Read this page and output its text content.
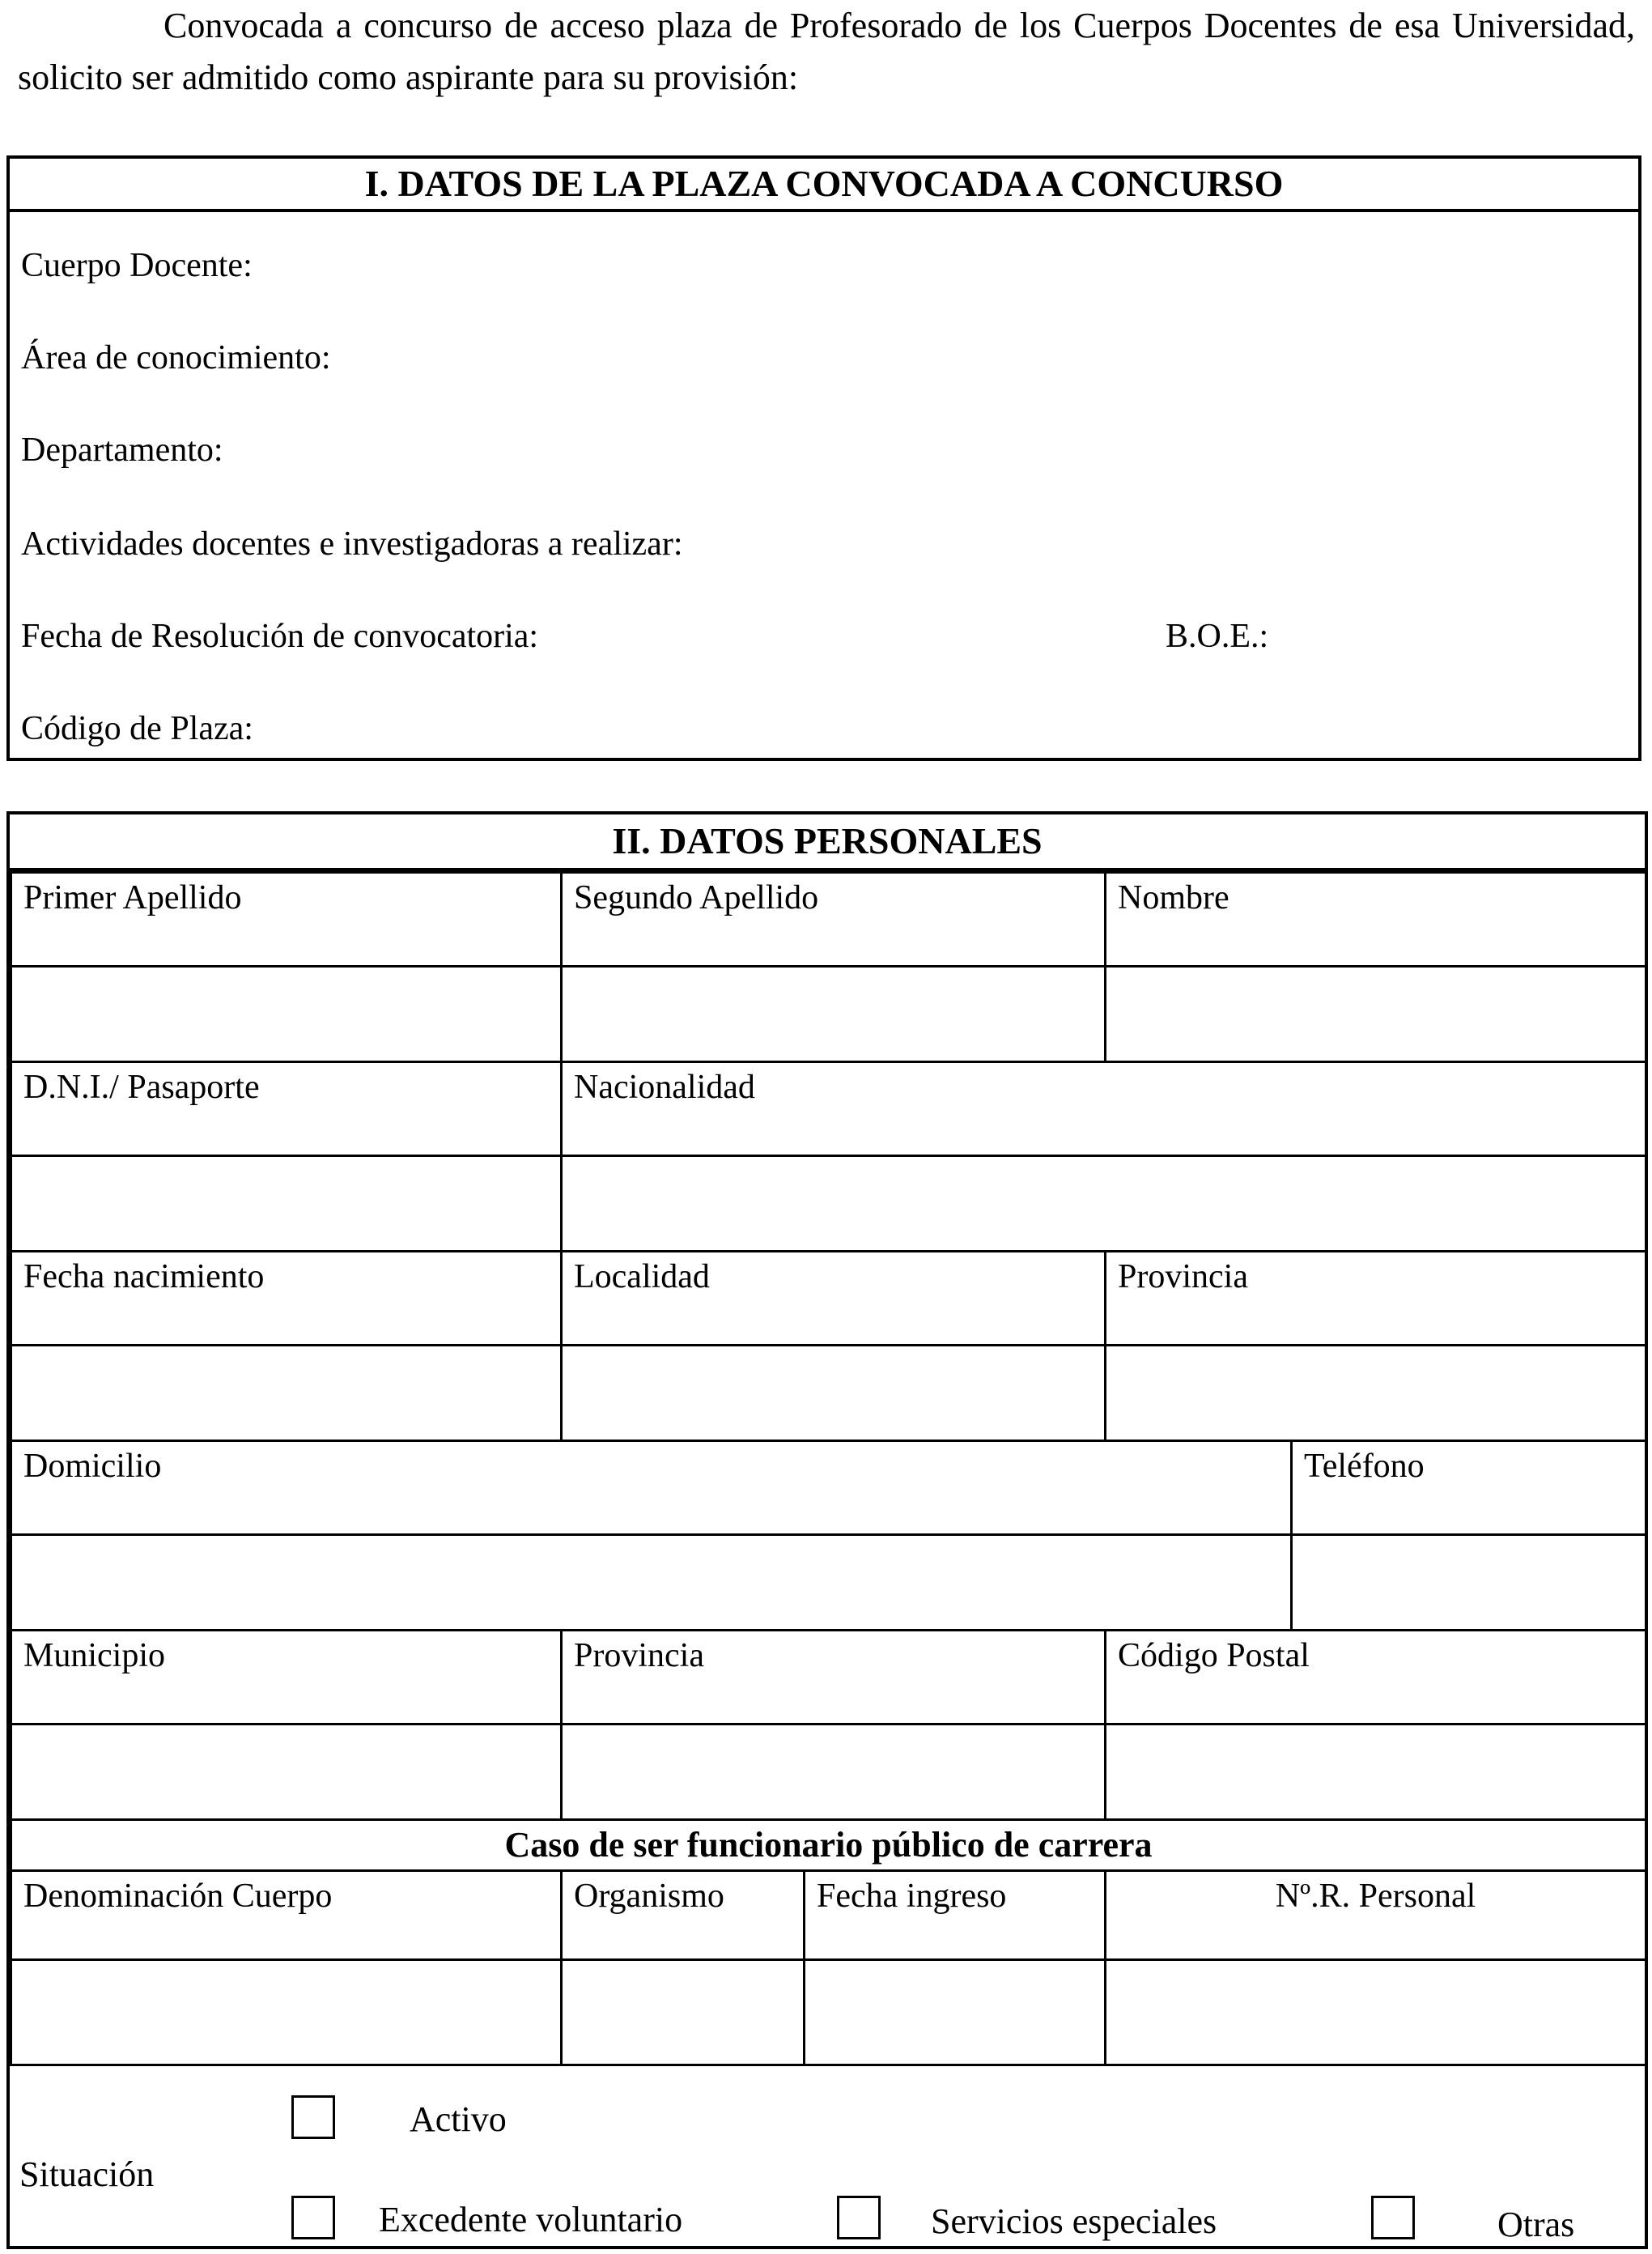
Convocada a concurso de acceso plaza de Profesorado de los Cuerpos Docentes de esa Universidad, solicito ser admitido como aspirante para su provisión:
I. DATOS DE LA PLAZA CONVOCADA A CONCURSO
Cuerpo Docente:
Área de conocimiento:
Departamento:
Actividades docentes e investigadoras a realizar:
Fecha de Resolución de convocatoria:	B.O.E.:
Código de Plaza:
II. DATOS PERSONALES
Primer Apellido	Segundo Apellido		Nombre	

D.N.I./ Pasaporte	Nacionalidad			

Fecha nacimiento	Localidad		Provincia	

Domicilio				Teléfono

Municipio	Provincia		Código Postal	

Caso de ser funcionario público de carrera				
Denominación Cuerpo	Organismo	Fecha ingreso	Nº.R. Personal	

Situación
Activo
Excedente voluntario	Servicios especiales	Otras
